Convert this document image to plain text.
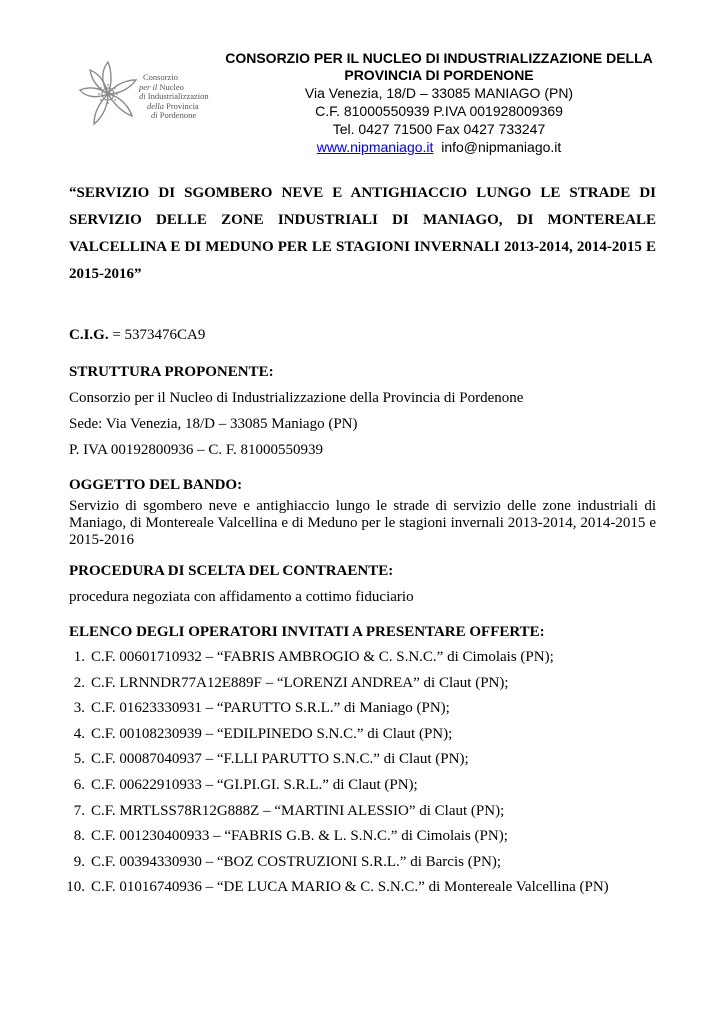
Consorzio
per il Nucleo
di Industrializzazion
della Provincia
di Pordenone
CONSORZIO PER IL NUCLEO DI INDUSTRIALIZZAZIONE DELLA
PROVINCIA DI PORDENONE
Via Venezia, 18/D – 33085 MANIAGO (PN)
C.F. 81000550939 P.IVA 001928009369
Tel. 0427 71500 Fax 0427 733247
www.nipmaniago.it info@nipmaniago.it
“SERVIZIO DI SGOMBERO NEVE E ANTIGHIACCIO LUNGO LE STRADE DI
SERVIZIO DELLE ZONE INDUSTRIALI DI MANIAGO, DI MONTEREALE
VALCELLINA E DI MEDUNO PER LE STAGIONI INVERNALI 2013-2014, 2014-2015 E
2015-2016”
C.I.G. = 5373476CA9
STRUTTURA PROPONENTE:
Consorzio per il Nucleo di Industrializzazione della Provincia di Pordenone
Sede: Via Venezia, 18/D – 33085 Maniago (PN)
P. IVA 00192800936 – C. F. 81000550939
OGGETTO DEL BANDO:
Servizio di sgombero neve e antighiaccio lungo le strade di servizio delle zone industriali di
Maniago, di Montereale Valcellina e di Meduno per le stagioni invernali 2013-2014, 2014-2015 e
2015-2016
PROCEDURA DI SCELTA DEL CONTRAENTE:
procedura negoziata con affidamento a cottimo fiduciario
ELENCO DEGLI OPERATORI INVITATI A PRESENTARE OFFERTE:
1. C.F. 00601710932 – “FABRIS AMBROGIO & C. S.N.C.” di Cimolais (PN);
2. C.F. LRNNDR77A12E889F – “LORENZI ANDREA” di Claut (PN);
3. C.F. 01623330931 – “PARUTTO S.R.L.” di Maniago (PN);
4. C.F. 00108230939 – “EDILPINEDO S.N.C.” di Claut (PN);
5. C.F. 00087040937 – “F.LLI PARUTTO S.N.C.” di Claut (PN);
6. C.F. 00622910933 – “GI.PI.GI. S.R.L.” di Claut (PN);
7. C.F. MRTLSS78R12G888Z – “MARTINI ALESSIO” di Claut (PN);
8. C.F. 001230400933 – “FABRIS G.B. & L. S.N.C.” di Cimolais (PN);
9. C.F. 00394330930 – “BOZ COSTRUZIONI S.R.L.” di Barcis (PN);
10. C.F. 01016740936 – “DE LUCA MARIO & C. S.N.C.” di Montereale Valcellina (PN)
